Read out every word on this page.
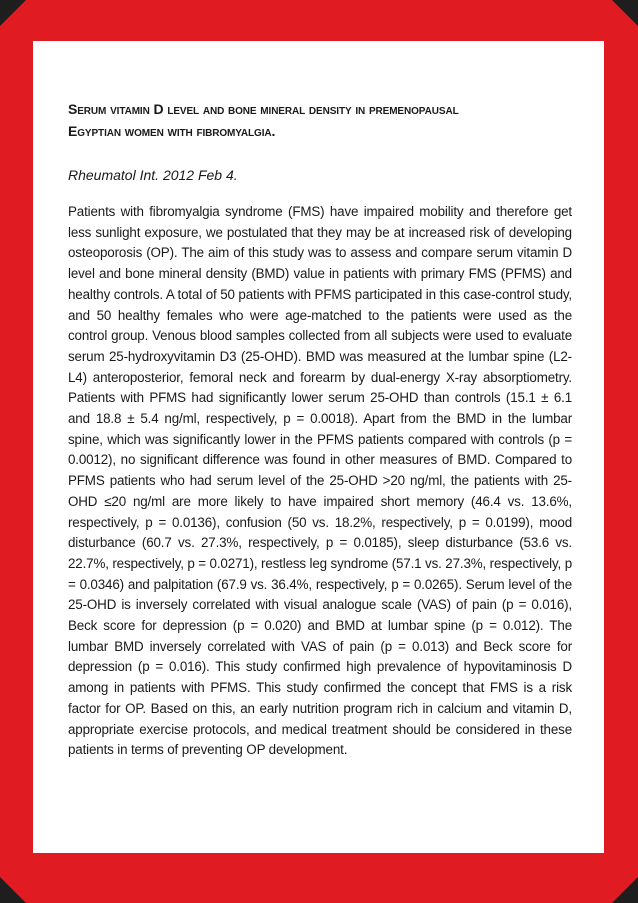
Serum vitamin D level and bone mineral density in premenopausal
Egyptian women with fibromyalgia.

Rheumatol Int. 2012 Feb 4.

Patients with fibromyalgia syndrome (FMS) have impaired mobility and therefore get less sunlight exposure, we postulated that they may be at increased risk of developing osteoporosis (OP). The aim of this study was to assess and compare serum vitamin D level and bone mineral density (BMD) value in patients with primary FMS (PFMS) and healthy controls. A total of 50 patients with PFMS participated in this case-control study, and 50 healthy females who were age-matched to the patients were used as the control group. Venous blood samples collected from all subjects were used to evaluate serum 25-hydroxyvitamin D3 (25-OHD). BMD was measured at the lumbar spine (L2-L4) anteroposterior, femoral neck and forearm by dual-energy X-ray absorptiometry. Patients with PFMS had significantly lower serum 25-OHD than controls (15.1 ± 6.1 and 18.8 ± 5.4 ng/ml, respectively, p = 0.0018). Apart from the BMD in the lumbar spine, which was significantly lower in the PFMS patients compared with controls (p = 0.0012), no significant difference was found in other measures of BMD. Compared to PFMS patients who had serum level of the 25-OHD >20 ng/ml, the patients with 25-OHD ≤20 ng/ml are more likely to have impaired short memory (46.4 vs. 13.6%, respectively, p = 0.0136), confusion (50 vs. 18.2%, respectively, p = 0.0199), mood disturbance (60.7 vs. 27.3%, respectively, p = 0.0185), sleep disturbance (53.6 vs. 22.7%, respectively, p = 0.0271), restless leg syndrome (57.1 vs. 27.3%, respectively, p = 0.0346) and palpitation (67.9 vs. 36.4%, respectively, p = 0.0265). Serum level of the 25-OHD is inversely correlated with visual analogue scale (VAS) of pain (p = 0.016), Beck score for depression (p = 0.020) and BMD at lumbar spine (p = 0.012). The lumbar BMD inversely correlated with VAS of pain (p = 0.013) and Beck score for depression (p = 0.016). This study confirmed high prevalence of hypovitaminosis D among in patients with PFMS. This study confirmed the concept that FMS is a risk factor for OP. Based on this, an early nutrition program rich in calcium and vitamin D, appropriate exercise protocols, and medical treatment should be considered in these patients in terms of preventing OP development.
